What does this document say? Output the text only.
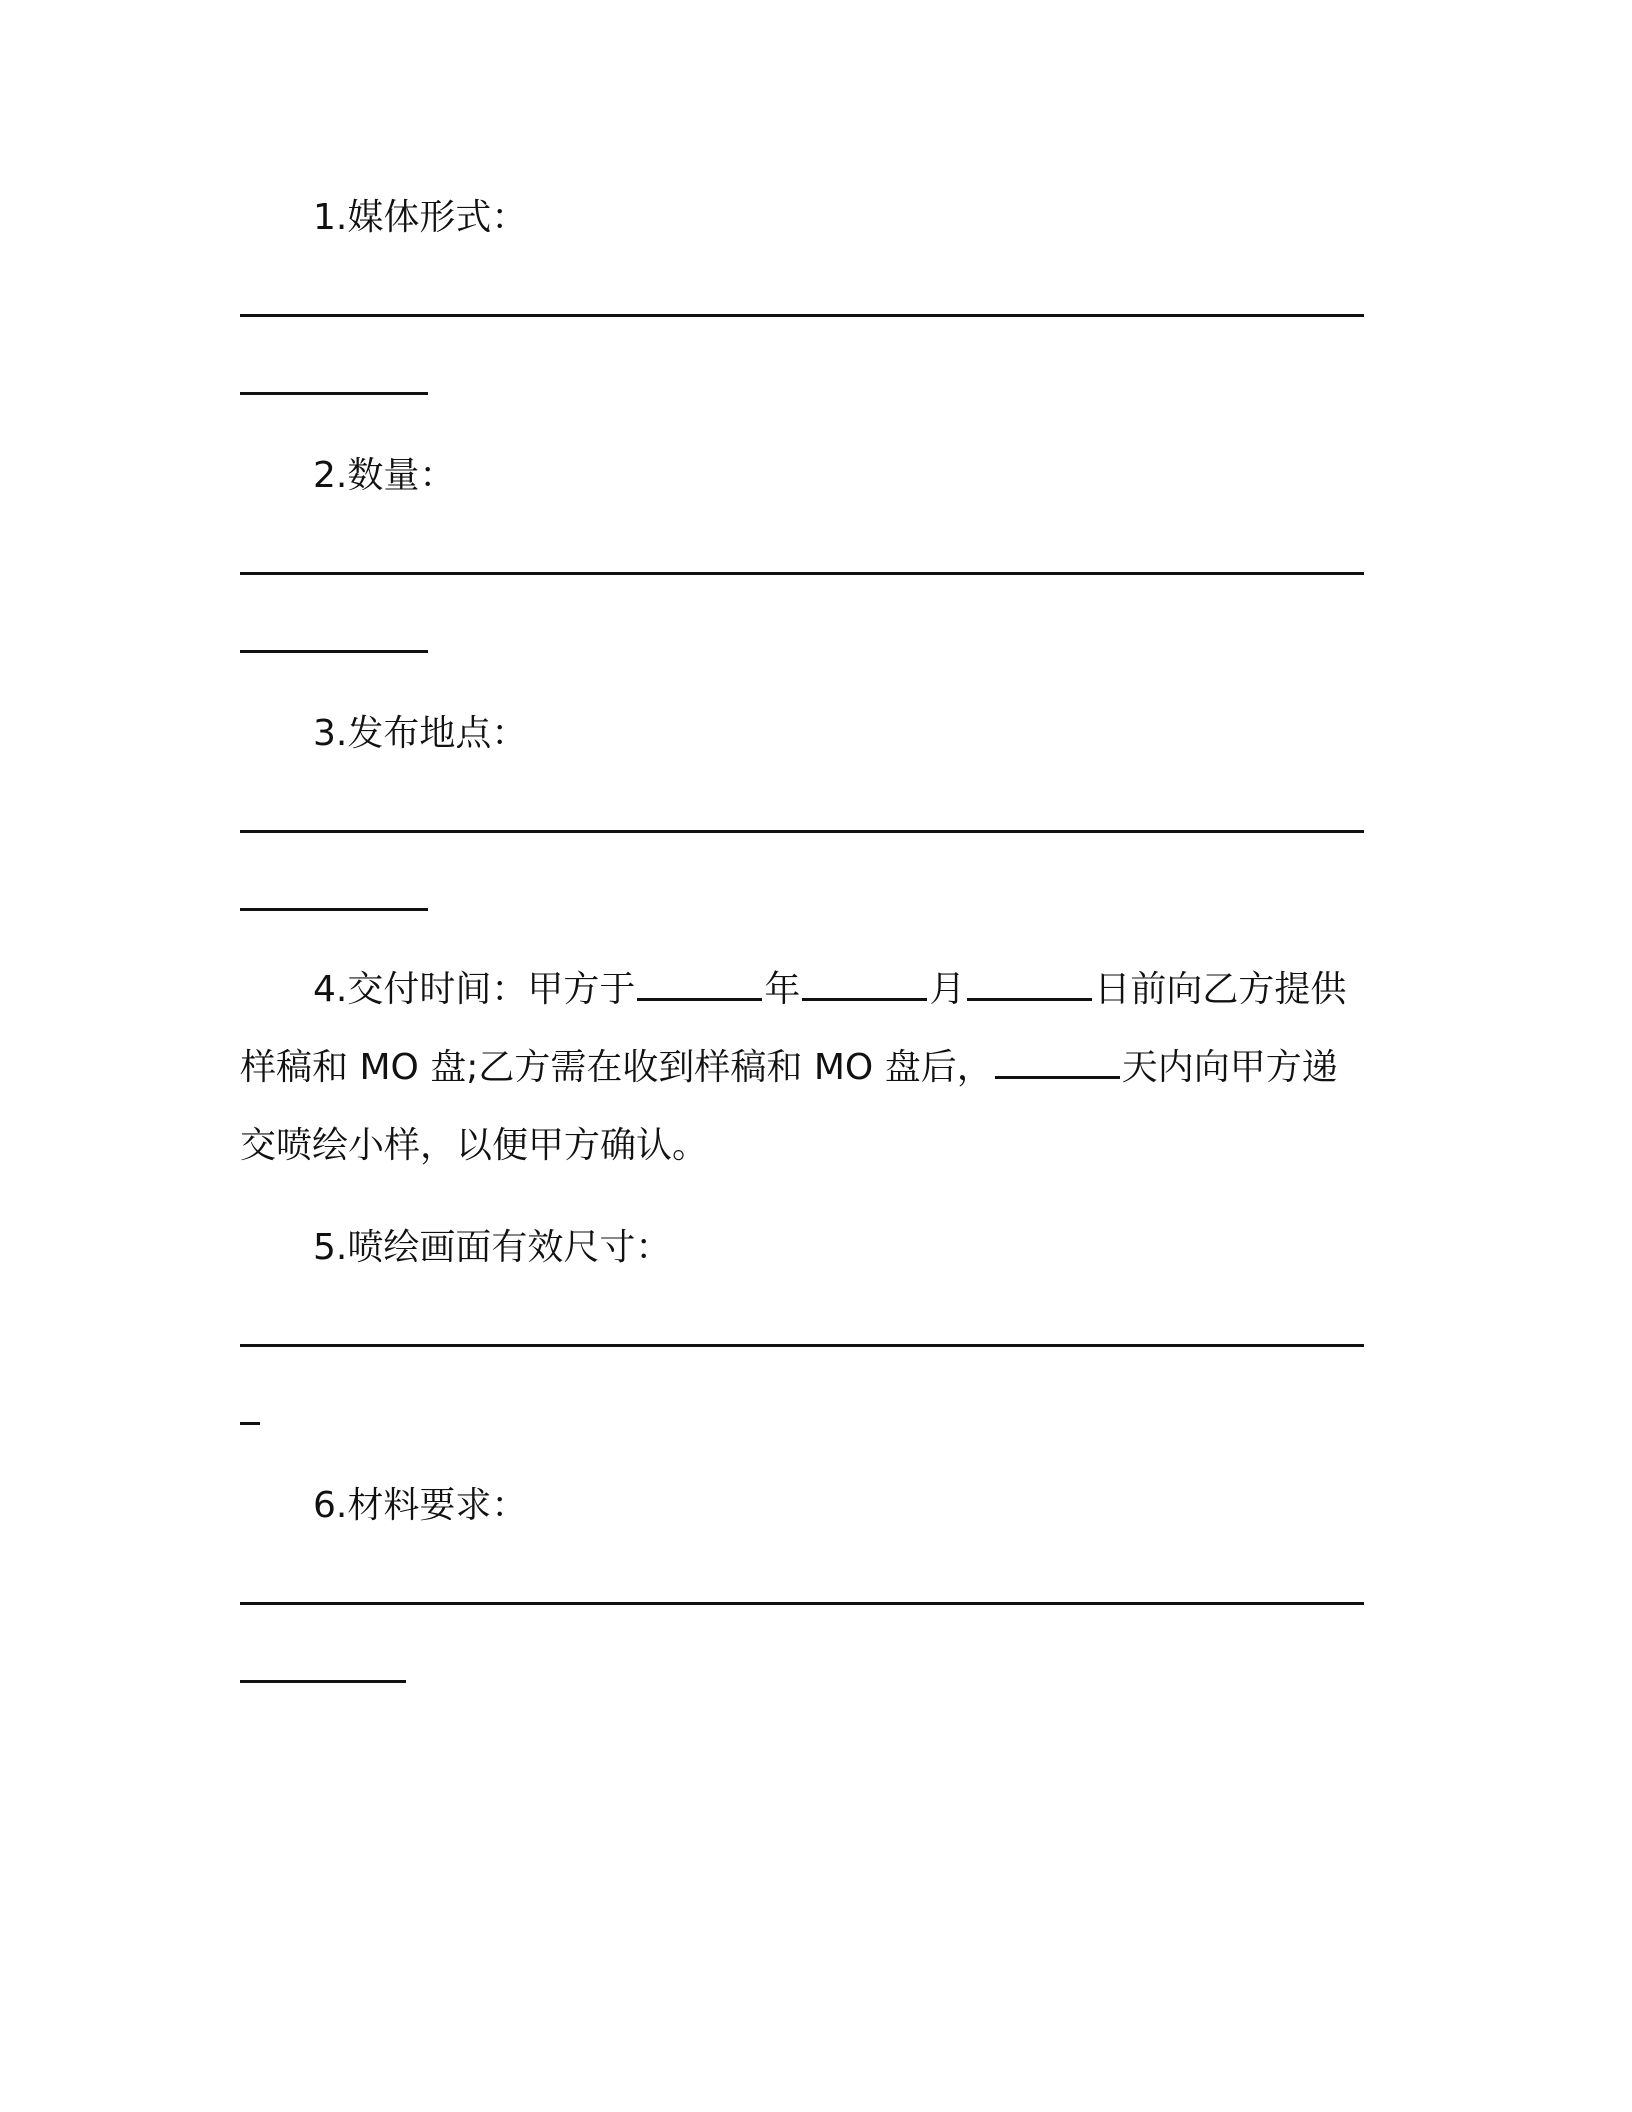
1.媒体形式：
2.数量：
3.发布地点：
4.交付时间：甲方于	年	月	日前向乙方提供
样稿和 MO 盘;乙方需在收到样稿和 MO 盘后，	天内向甲方递
交喷绘小样，以便甲方确认。
5.喷绘画面有效尺寸：
6.材料要求：
